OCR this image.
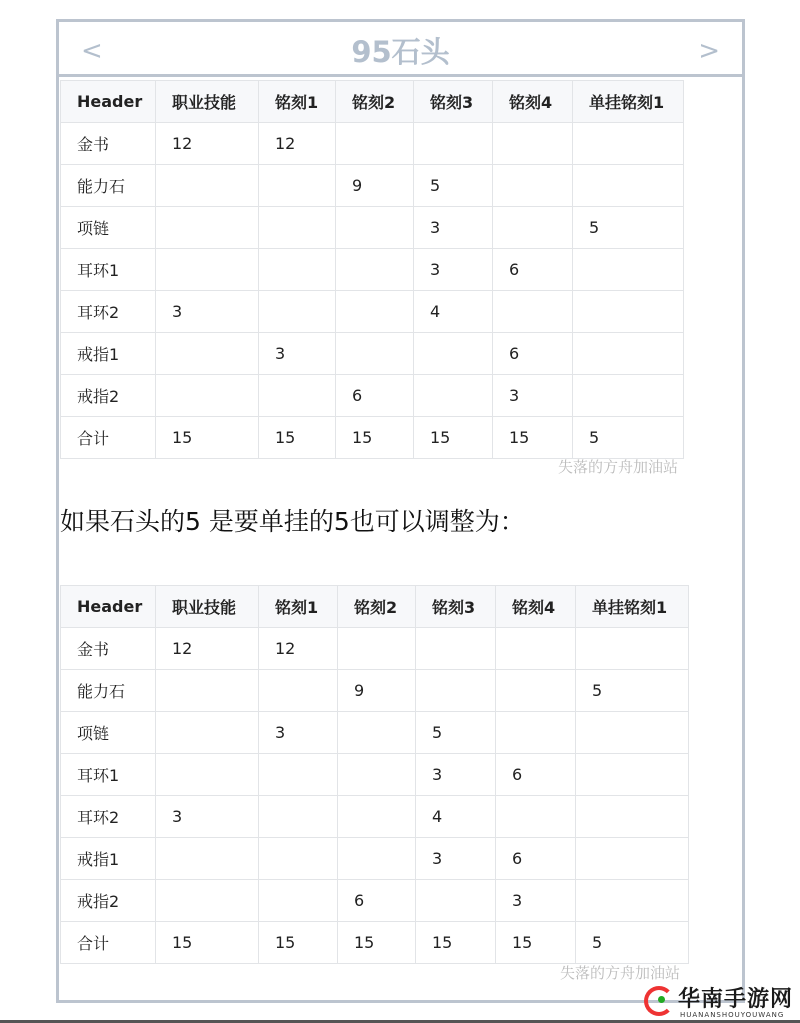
<	95石头	>
Header	职业技能	铭刻1	铭刻2	铭刻3	铭刻4	单挂铭刻1
金书	12	12				
能力石			9	5		
项链				3		5
耳环1				3	6	
耳环2	3			4		
戒指1		3			6	
戒指2			6		3	
合计	15	15	15	15	15	5
失落的方舟加油站
如果石头的5 是要单挂的5也可以调整为：
Header	职业技能	铭刻1	铭刻2	铭刻3	铭刻4	单挂铭刻1
金书	12	12				
能力石			9			5
项链		3		5		
耳环1				3	6	
耳环2	3			4		
戒指1				3	6	
戒指2			6		3	
合计	15	15	15	15	15	5
失落的方舟加油站
华南手游网
HUANANSHOUYOUWANG
